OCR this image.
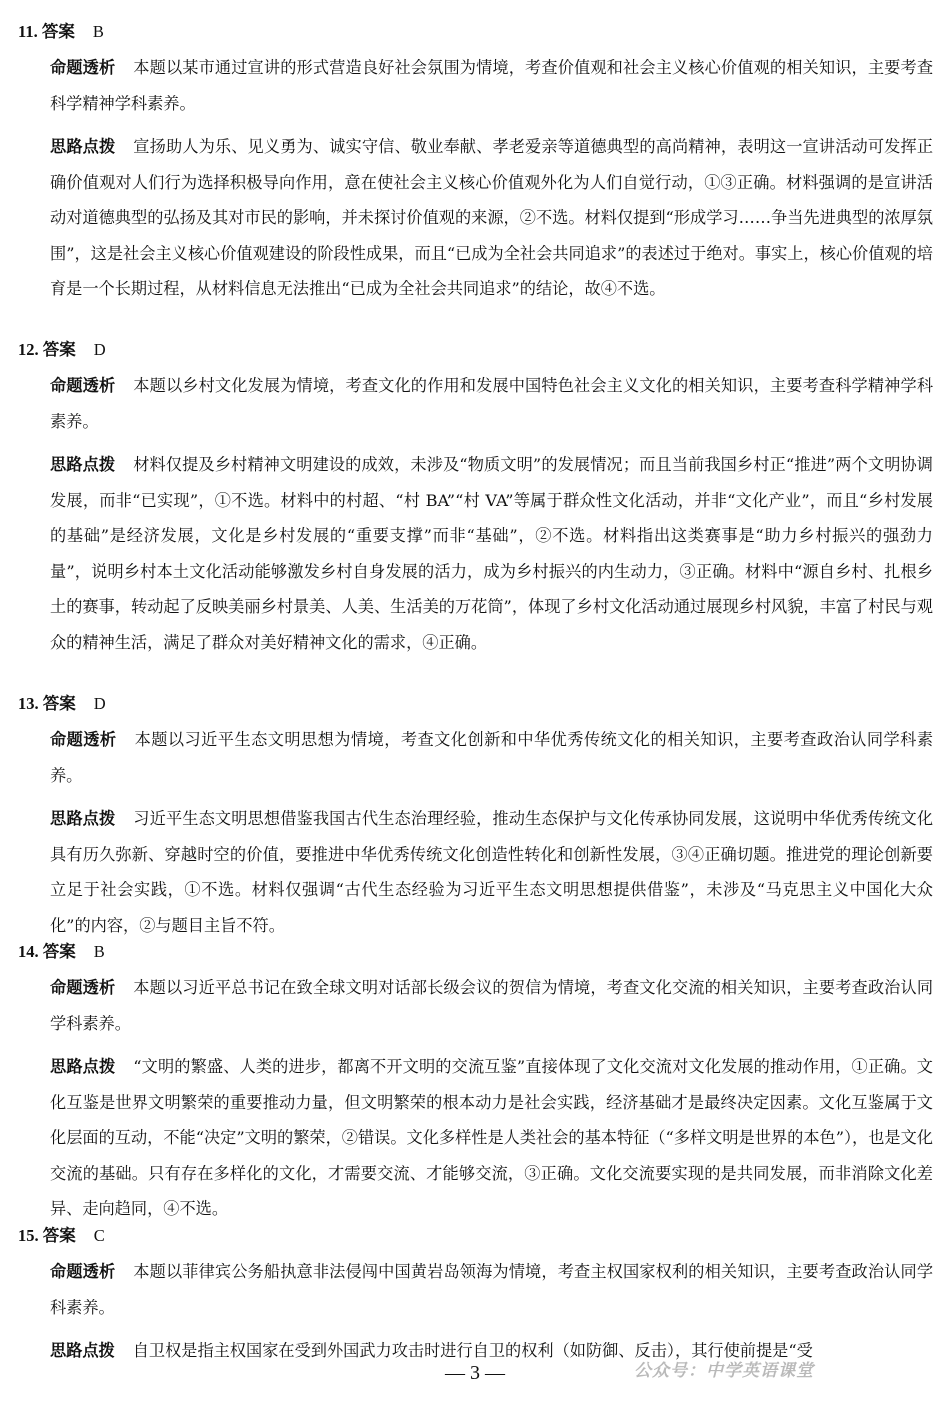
11. 答案 B
命题透析 本题以某市通过宣讲的形式营造良好社会氛围为情境，考查价值观和社会主义核心价值观的相关知识，主要考查科学精神学科素养。
思路点拨 宣扬助人为乐、见义勇为、诚实守信、敬业奉献、孝老爱亲等道德典型的高尚精神，表明这一宣讲活动可发挥正确价值观对人们行为选择积极导向作用，意在使社会主义核心价值观外化为人们自觉行动，①③正确。材料强调的是宣讲活动对道德典型的弘扬及其对市民的影响，并未探讨价值观的来源，②不选。材料仅提到“形成学习……争当先进典型的浓厚氛围”，这是社会主义核心价值观建设的阶段性成果，而且“已成为全社会共同追求”的表述过于绝对。事实上，核心价值观的培育是一个长期过程，从材料信息无法推出“已成为全社会共同追求”的结论，故④不选。
12. 答案 D
命题透析 本题以乡村文化发展为情境，考查文化的作用和发展中国特色社会主义文化的相关知识，主要考查科学精神学科素养。
思路点拨 材料仅提及乡村精神文明建设的成效，未涉及“物质文明”的发展情况；而且当前我国乡村正“推进”两个文明协调发展，而非“已实现”，①不选。材料中的村超、“村 BA”“村 VA”等属于群众性文化活动，并非“文化产业”，而且“乡村发展的基础”是经济发展，文化是乡村发展的“重要支撑”而非“基础”，②不选。材料指出这类赛事是“助力乡村振兴的强劲力量”，说明乡村本土文化活动能够激发乡村自身发展的活力，成为乡村振兴的内生动力，③正确。材料中“源自乡村、扎根乡土的赛事，转动起了反映美丽乡村景美、人美、生活美的万花筒”，体现了乡村文化活动通过展现乡村风貌，丰富了村民与观众的精神生活，满足了群众对美好精神文化的需求，④正确。
13. 答案 D
命题透析 本题以习近平生态文明思想为情境，考查文化创新和中华优秀传统文化的相关知识，主要考查政治认同学科素养。
思路点拨 习近平生态文明思想借鉴我国古代生态治理经验，推动生态保护与文化传承协同发展，这说明中华优秀传统文化具有历久弥新、穿越时空的价值，要推进中华优秀传统文化创造性转化和创新性发展，③④正确切题。推进党的理论创新要立足于社会实践，①不选。材料仅强调“古代生态经验为习近平生态文明思想提供借鉴”，未涉及“马克思主义中国化大众化”的内容，②与题目主旨不符。
14. 答案 B
命题透析 本题以习近平总书记在致全球文明对话部长级会议的贺信为情境，考查文化交流的相关知识，主要考查政治认同学科素养。
思路点拨 “文明的繁盛、人类的进步，都离不开文明的交流互鉴”直接体现了文化交流对文化发展的推动作用，①正确。文化互鉴是世界文明繁荣的重要推动力量，但文明繁荣的根本动力是社会实践，经济基础才是最终决定因素。文化互鉴属于文化层面的互动，不能“决定”文明的繁荣，②错误。文化多样性是人类社会的基本特征（“多样文明是世界的本色”），也是文化交流的基础。只有存在多样化的文化，才需要交流、才能够交流，③正确。文化交流要实现的是共同发展，而非消除文化差异、走向趋同，④不选。
15. 答案 C
命题透析 本题以菲律宾公务船执意非法侵闯中国黄岩岛领海为情境，考查主权国家权利的相关知识，主要考查政治认同学科素养。
思路点拨 自卫权是指主权国家在受到外国武力攻击时进行自卫的权利（如防御、反击），其行使前提是“受
— 3 —	公众号：中学英语课堂
